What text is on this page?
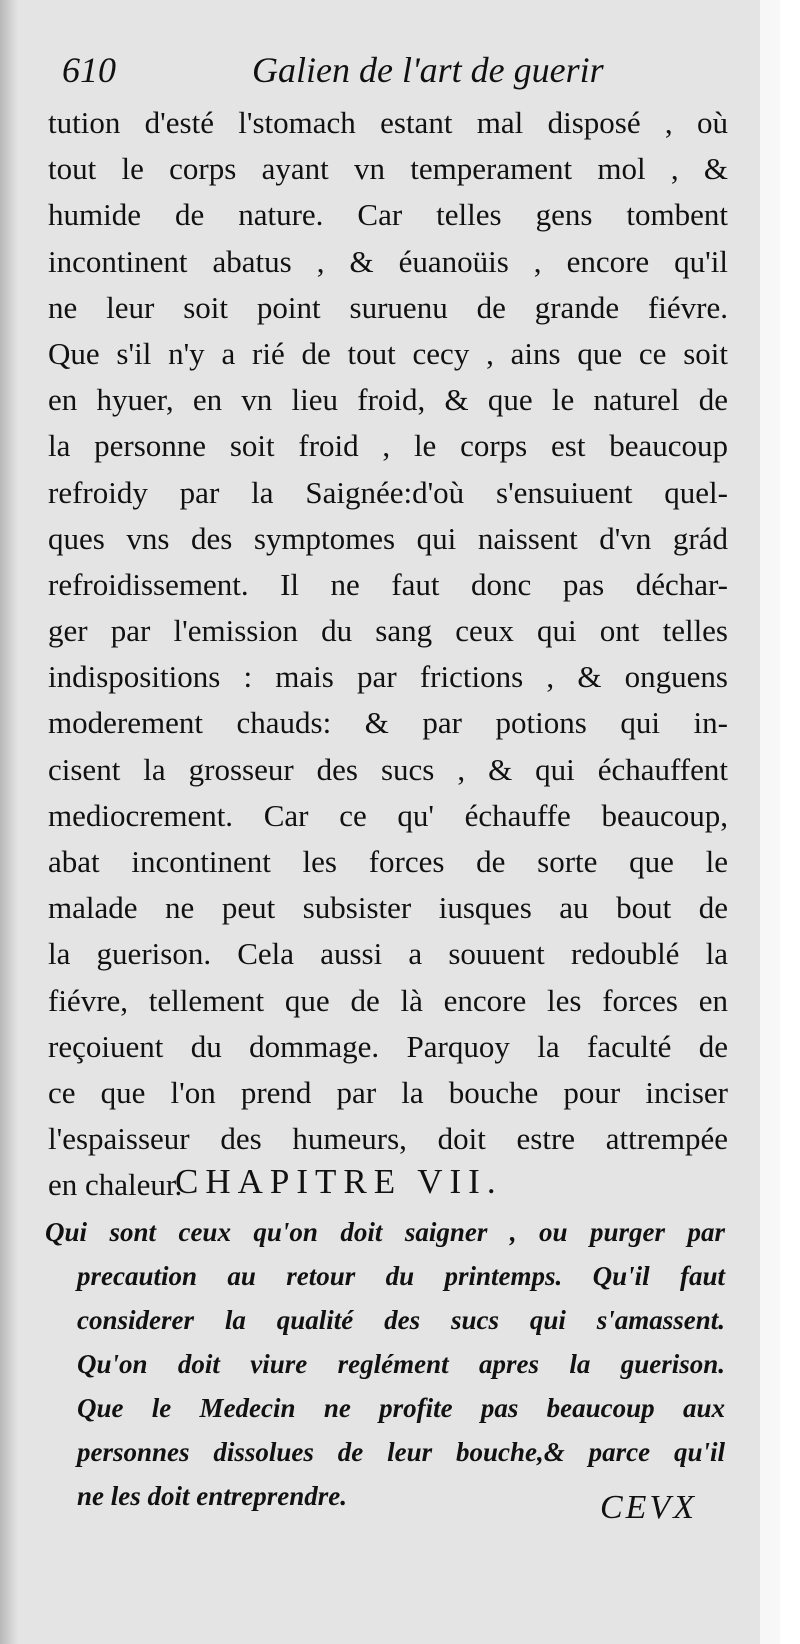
610	Galien de l'art de guerir
tution d'esté l'stomach estant mal disposé , où
tout le corps ayant vn temperament mol , &
humide de nature. Car telles gens tombent
incontinent abatus , & éuanoüis , encore qu'il
ne leur soit point suruenu de grande fiévre.
Que s'il n'y a rié de tout cecy , ains que ce soit
en hyuer, en vn lieu froid, & que le naturel de
la personne soit froid , le corps est beaucoup
refroidy par la Saignée:d'où s'ensuiuent quel-
ques vns des symptomes qui naissent d'vn grád
refroidissement. Il ne faut donc pas déchar-
ger par l'emission du sang ceux qui ont telles
indispositions : mais par frictions , & onguens
moderement chauds: & par potions qui in-
cisent la grosseur des sucs , & qui échauffent
mediocrement. Car ce qu' échauffe beaucoup,
abat incontinent les forces de sorte que le
malade ne peut subsister iusques au bout de
la guerison. Cela aussi a souuent redoublé la
fiévre, tellement que de là encore les forces en
reçoiuent du dommage. Parquoy la faculté de
ce que l'on prend par la bouche pour inciser
l'espaisseur des humeurs, doit estre attrempée
en chaleur.
CHAPITRE VII.
Qui sont ceux qu'on doit saigner , ou purger par
precaution au retour du printemps. Qu'il faut
considerer la qualité des sucs qui s'amassent.
Qu'on doit viure reglément apres la guerison.
Que le Medecin ne profite pas beaucoup aux
personnes dissolues de leur bouche,& parce qu'il
ne les doit entreprendre.	CEVX
